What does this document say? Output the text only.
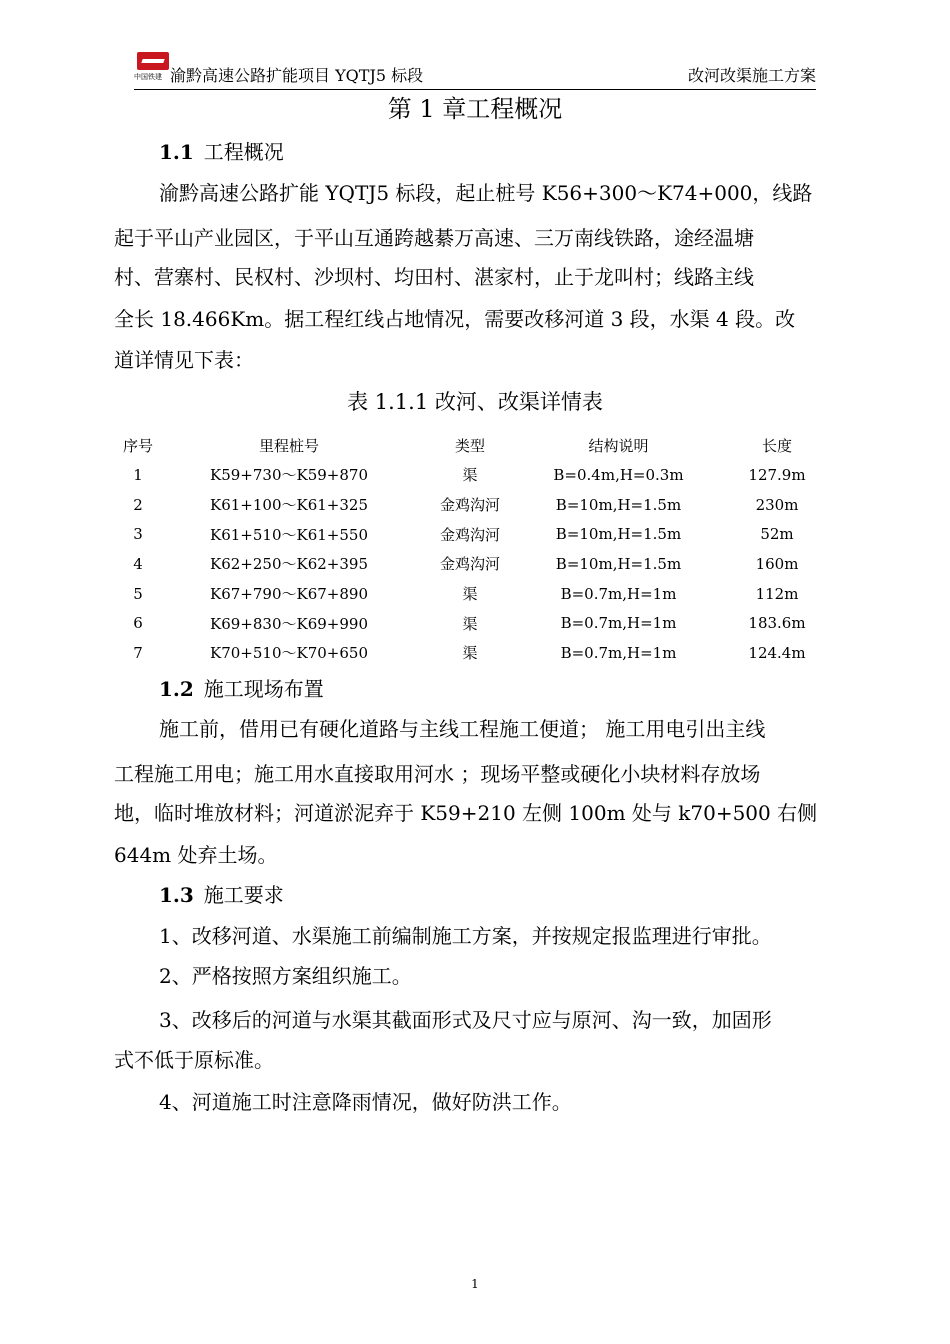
中国铁建 渝黔高速公路扩能项目 YQTJ5 标段	改河改渠施工方案
第 1 章工程概况
1.1 工程概况
渝黔高速公路扩能 YQTJ5 标段，起止桩号 K56+300～K74+000，线路
起于平山产业园区，于平山互通跨越綦万高速、三万南线铁路，途经温塘
村、营寨村、民权村、沙坝村、均田村、湛家村，止于龙叫村；线路主线
全长 18.466Km。据工程红线占地情况，需要改移河道 3 段，水渠 4 段。改
道详情见下表：
表 1.1.1 改河、改渠详情表
序号	里程桩号	类型	结构说明	长度
1	K59+730～K59+870	渠	B=0.4m,H=0.3m	127.9m
2	K61+100～K61+325	金鸡沟河	B=10m,H=1.5m	230m
3	K61+510～K61+550	金鸡沟河	B=10m,H=1.5m	52m
4	K62+250～K62+395	金鸡沟河	B=10m,H=1.5m	160m
5	K67+790～K67+890	渠	B=0.7m,H=1m	112m
6	K69+830～K69+990	渠	B=0.7m,H=1m	183.6m
7	K70+510～K70+650	渠	B=0.7m,H=1m	124.4m
1.2 施工现场布置
施工前，借用已有硬化道路与主线工程施工便道； 施工用电引出主线
工程施工用电；施工用水直接取用河水 ；现场平整或硬化小块材料存放场
地，临时堆放材料；河道淤泥弃于 K59+210 左侧 100m 处与 k70+500 右侧
644m 处弃土场。
1.3 施工要求
1、改移河道、水渠施工前编制施工方案，并按规定报监理进行审批。
2、严格按照方案组织施工。
3、改移后的河道与水渠其截面形式及尺寸应与原河、沟一致，加固形
式不低于原标准。
4、河道施工时注意降雨情况，做好防洪工作。
1
